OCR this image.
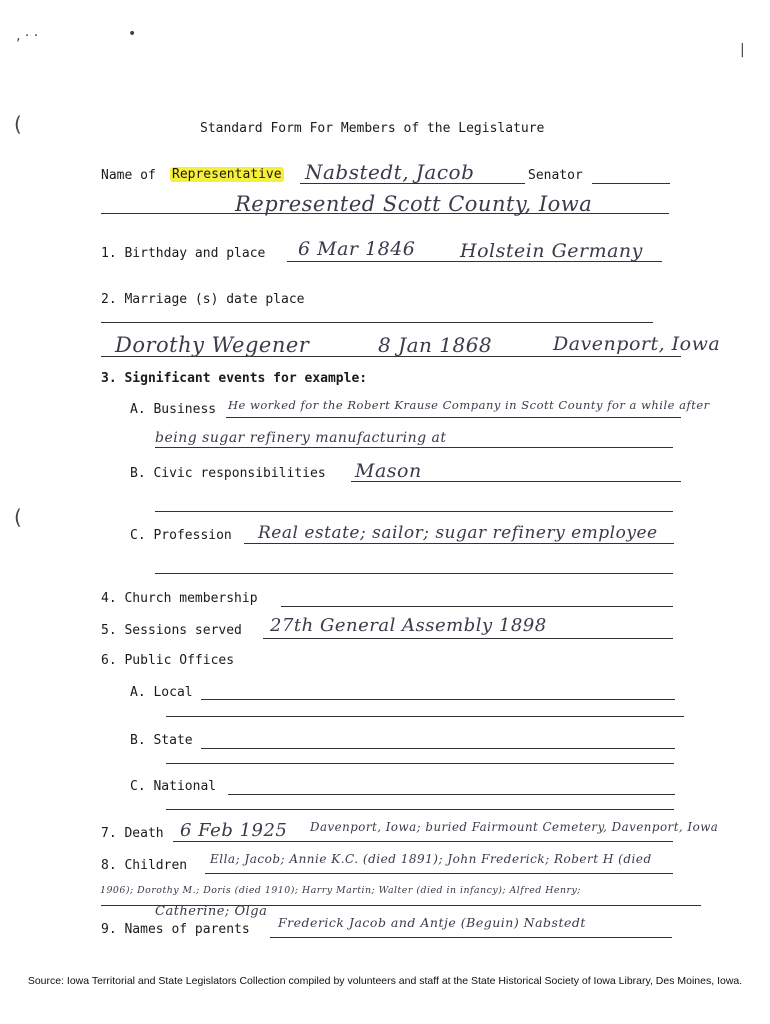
‚ · ·	•
(
(
|
Standard Form For Members of the Legislature
Name of Representative Nabstedt, Jacob	Senator
Represented Scott County, Iowa
1. Birthday and place 6 Mar 1846 Holstein Germany
2. Marriage (s) date place
Dorothy Wegener	8 Jan 1868	Davenport, Iowa
3. Significant events for example:
A. Business He worked for the Robert Krause Company in Scott County for a while after
being sugar refinery manufacturing at
B. Civic responsibilities Mason
C. Profession Real estate; sailor; sugar refinery employee
4. Church membership
5. Sessions served 27th General Assembly 1898
6. Public Offices
A. Local
B. State
C. National
7. Death 6 Feb 1925 Davenport, Iowa; buried Fairmount Cemetery, Davenport, Iowa
8. Children Ella; Jacob; Annie K.C. (died 1891); John Frederick; Robert H (died
1906); Dorothy M.; Doris (died 1910); Harry Martin; Walter (died in infancy); Alfred Henry;
Catherine; Olga
9. Names of parents Frederick Jacob and Antje (Beguin) Nabstedt
Source: Iowa Territorial and State Legislators Collection compiled by volunteers and staff at the State Historical Society of Iowa Library, Des Moines, Iowa.
